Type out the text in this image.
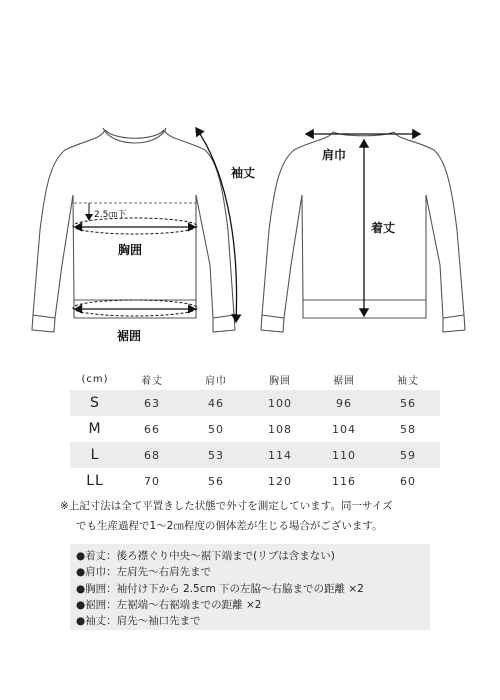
袖丈
2.5㎝下
胸囲
裾囲
肩巾
着丈
(cm)	着丈	肩巾	胸囲	裾囲	袖丈
S	63	46	100	96	56
M	66	50	108	104	58
L	68	53	114	110	59
LL	70	56	120	116	60
※上記寸法は全て平置きした状態で外寸を測定しています。同一サイズ
でも生産過程で1～2㎝程度の個体差が生じる場合がございます。
●着丈：後ろ襟ぐり中央～裾下端まで(リブは含まない)
●肩巾：左肩先～右肩先まで
●胸囲：袖付け下から 2.5cm 下の左脇～右脇までの距離 ×2
●裾囲：左裾端～右裾端までの距離 ×2
●袖丈：肩先～袖口先まで
